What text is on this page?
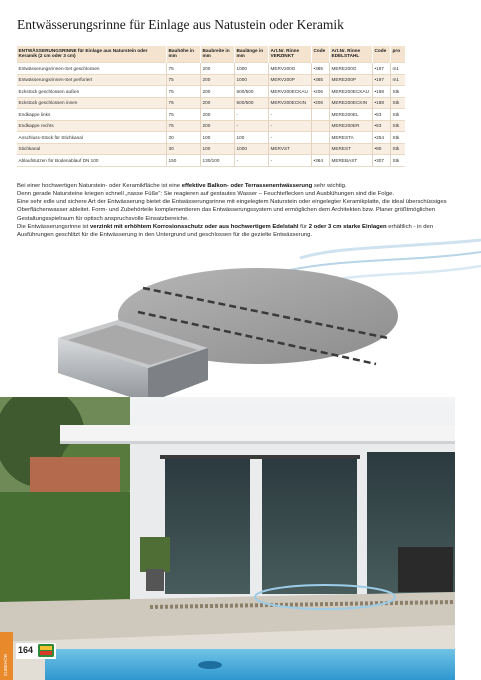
Entwässerungsrinne für Einlage aus Natustein oder Keramik
ENTWÄSSERUNGSRINNE für Einlage aus Naturstein oder Keramik (2 cm oder 3 cm)	Bauhöhe in mm	Baubreite in mm	Baulänge in mm	Art.Nr. Rinne VERZINKT	Code	Art.Nr. Rinne EDELSTAHL	Code	pro
Entwässerungsrinnen-Set geschlossen	75	200	1000	MERV200G	•385	MERE200G	•197	m1
Entwässerungsrinnen-Set perforiert	75	200	1000	MERV200P	•385	MERE200P	•197	m1
Eckstück geschlossen außen	75	200	500/500	MERV200ECKAU	•206	MERE200ECKAU	•188	Stk
Eckstück geschlossen innen	75	200	500/500	MERV200ECKIN	•206	MERE200ECKIN	•188	Stk
Endkappe links	75	200	-	-		MERE200EL	•53	Stk
Endkappe rechts	75	200	-	-		MERE200ER	•53	Stk
Anschluss-Stück für Stichkanal	30	100	100	-		MERESTA	•254	Stk
Stichkanal	30	100	1000	MERVST		MEREST	•80	Stk
Ablaufstutzen für Bodenablauf DN 100	150	130/100	-	-	•384	MEREBAST	•307	Stk

Bei einer hochwertigen Naturstein- oder Keramikfläche ist eine effektive Balkon- oder Terrassenentwässerung sehr wichtig.

Denn gerade Natursteine kriegen schnell „nasse Füße“: Sie reagieren auf gestautes Wasser – Feuchteflecken und Ausblühungen sind die Folge.

Eine sehr edle und sichere Art der Entwässerung bietet die Entwässerungsrinne mit eingelegtem Naturstein oder eingelegter Keramikplatte, die ideal überschüssiges Oberflächenwasser ableitet. Form- und Zubehörteile komplementieren das Entwässerungssystem und ermöglichen dem Architekten bzw. Planer größtmöglichen Gestaltungsspielraum für optisch anspruchsvolle Einsatzbereiche.

Die Entwässerungsrinne ist verzinkt mit erhöhtem Korrosionsschutz oder aus hochwertigem Edelstahl für 2 oder 3 cm starke Einlagen erhältlich - in den Ausführungen geschlitzt für die Entwässerung in den Untergrund und geschlossen für die gezielte Entwässerung.

ZUBEHÖR
164
